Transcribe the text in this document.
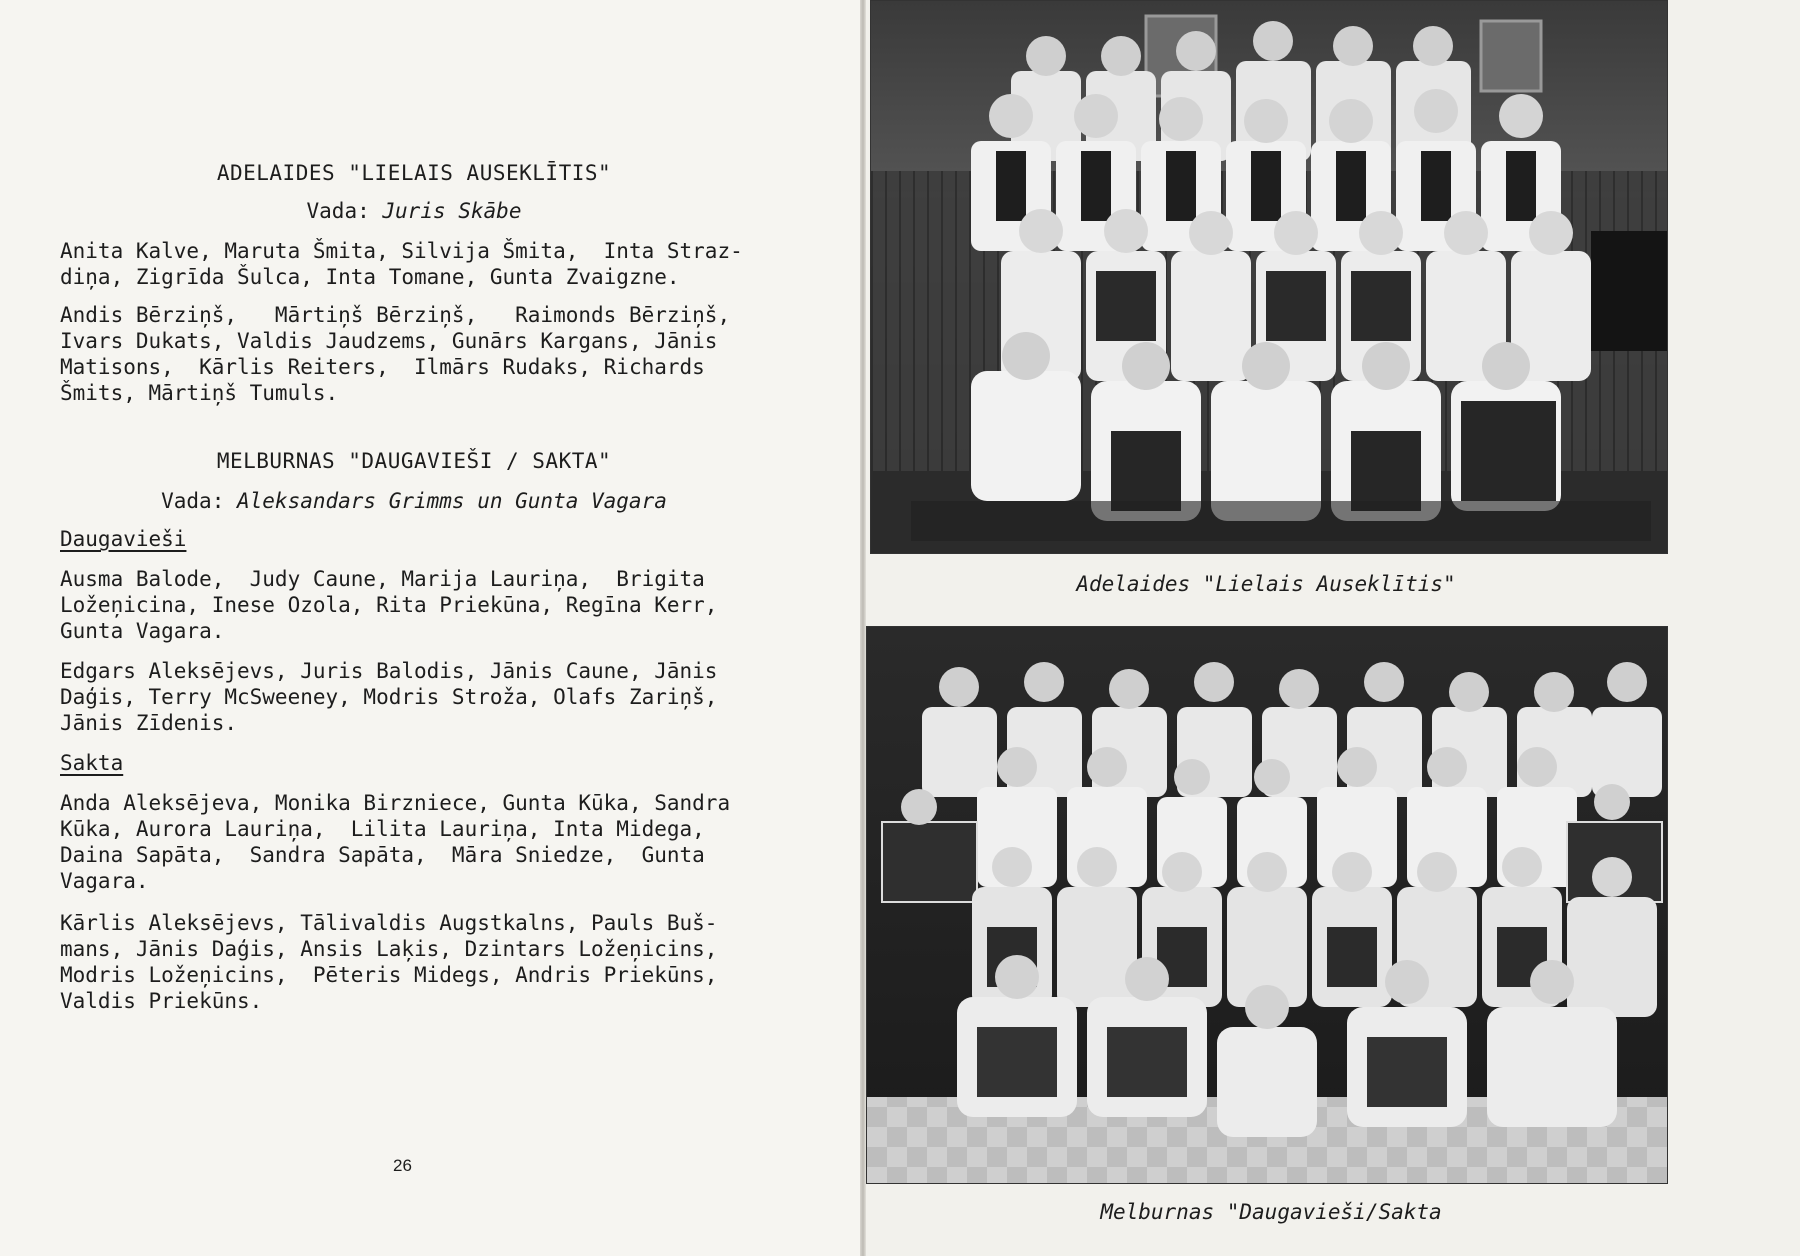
ADELAIDES "LIELAIS AUSEKLĪTIS"
Vada: Juris Skābe
Anita Kalve, Maruta Šmita, Silvija Šmita,  Inta Straz-
diņa, Zigrīda Šulca, Inta Tomane, Gunta Zvaigzne.
Andis Bērziņš,   Mārtiņš Bērziņš,   Raimonds Bērziņš,
Ivars Dukats, Valdis Jaudzems, Gunārs Kargans, Jānis
Matisons,  Kārlis Reiters,  Ilmārs Rudaks, Richards
Šmits, Mārtiņš Tumuls.
MELBURNAS "DAUGAVIEŠI / SAKTA"
Vada: Aleksandars Grimms un Gunta Vagara
Daugavieši
Ausma Balode,  Judy Caune, Marija Lauriņa,  Brigita
Ložeņicina, Inese Ozola, Rita Priekūna, Regīna Kerr,
Gunta Vagara.
Edgars Aleksējevs, Juris Balodis, Jānis Caune, Jānis
Daģis, Terry McSweeney, Modris Stroža, Olafs Zariņš,
Jānis Zīdenis.
Sakta
Anda Aleksējeva, Monika Birzniece, Gunta Kūka, Sandra
Kūka, Aurora Lauriņa,  Lilita Lauriņa, Inta Midega,
Daina Sapāta,  Sandra Sapāta,  Māra Sniedze,  Gunta
Vagara.
Kārlis Aleksējevs, Tālivaldis Augstkalns, Pauls Buš-
mans, Jānis Daģis, Ansis Laķis, Dzintars Ložeņicins,
Modris Ložeņicins,  Pēteris Midegs, Andris Priekūns,
Valdis Priekūns.
26
Adelaides "Lielais Auseklītis"
Melburnas "Daugavieši/Sakta
